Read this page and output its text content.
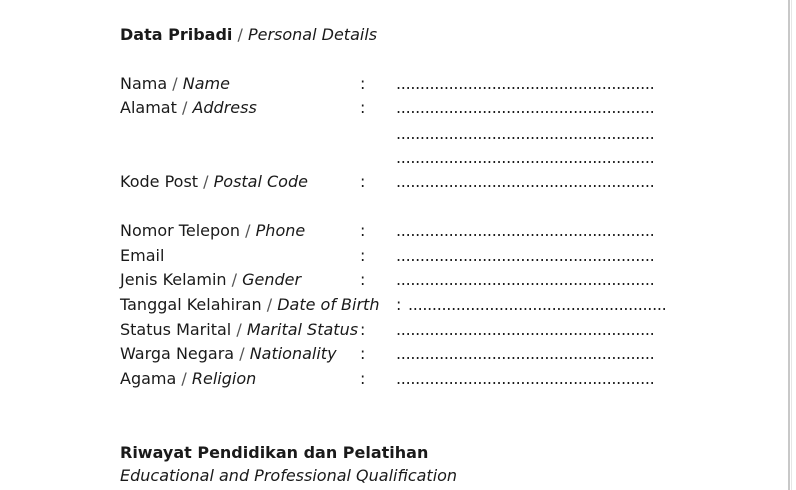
Data Pribadi / Personal Details
Nama / Name	: ......................................................
Alamat / Address	: ......................................................
......................................................
......................................................
Kode Post / Postal Code	: ......................................................
Nomor Telepon / Phone	: ......................................................
Email	: ......................................................
Jenis Kelamin / Gender	: ......................................................
Tanggal Kelahiran / Date of Birth : ......................................................
Status Marital / Marital Status : ......................................................
Warga Negara / Nationality : ......................................................
Agama / Religion	: ......................................................
Riwayat Pendidikan dan Pelatihan
Educational and Professional Qualification
